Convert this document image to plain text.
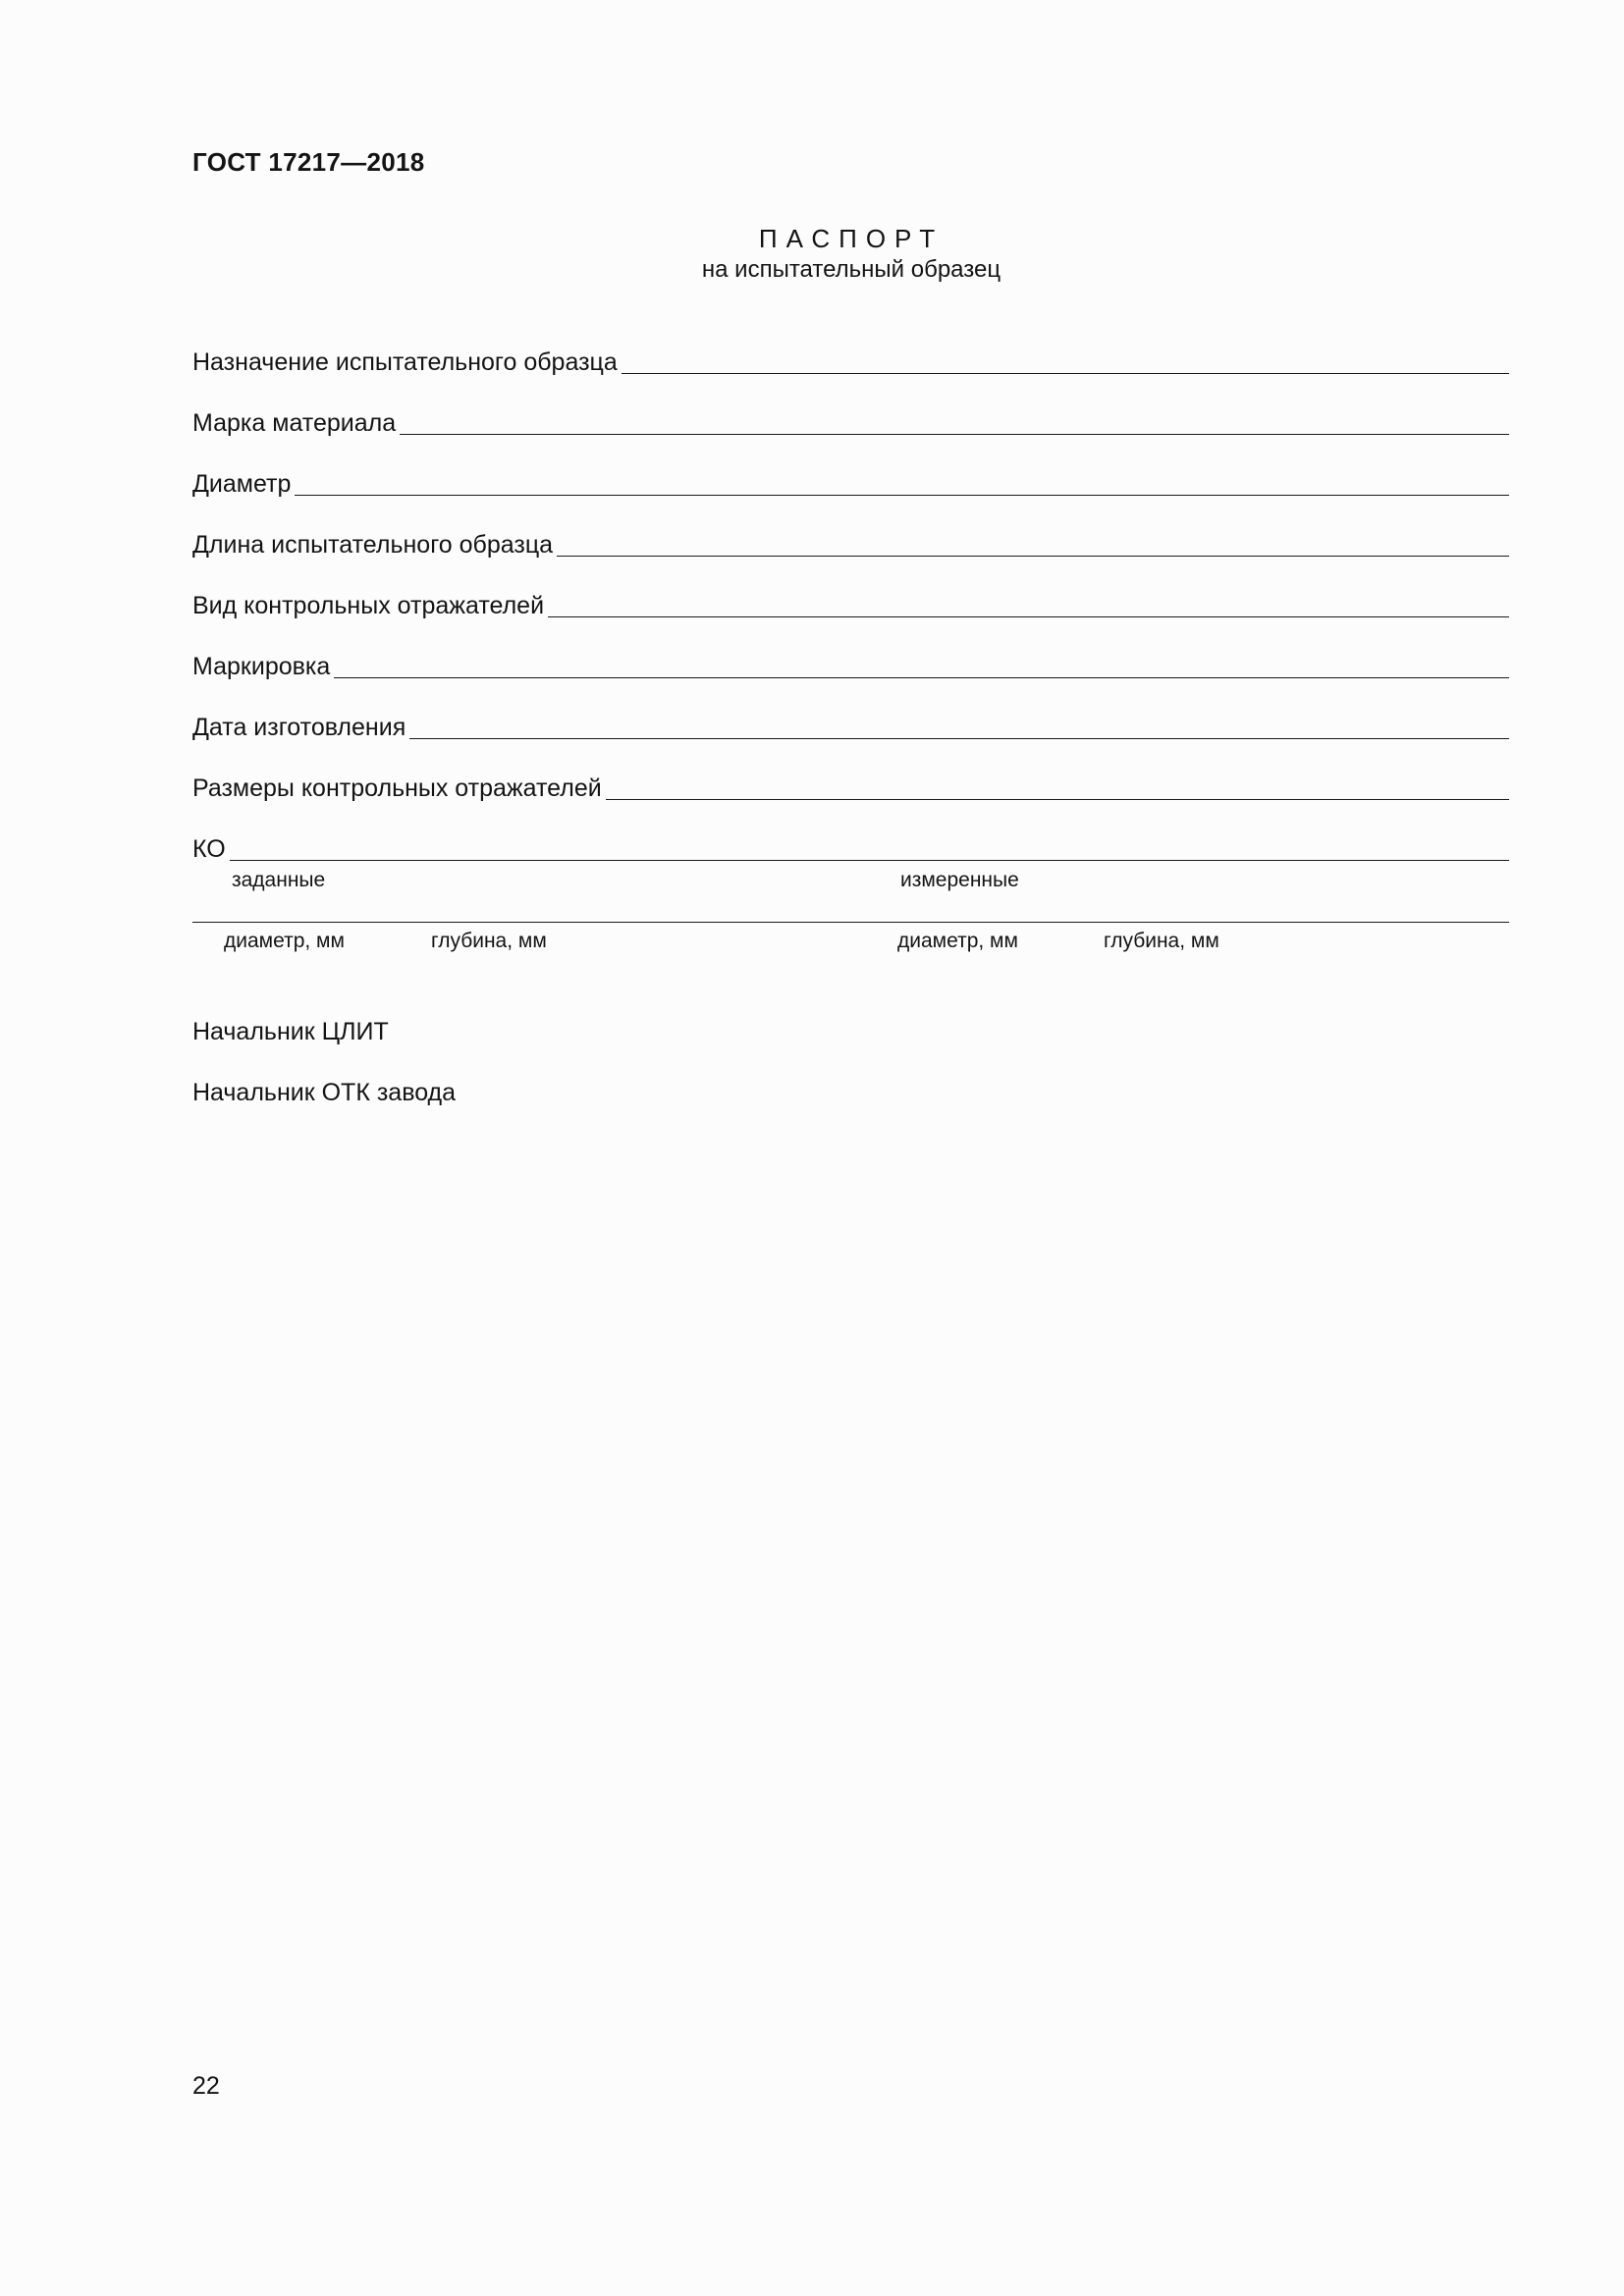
ГОСТ 17217—2018
ПАСПОРТ
на испытательный образец
Назначение испытательного образца
Марка материала
Диаметр
Длина испытательного образца
Вид контрольных отражателей
Маркировка
Дата изготовления
Размеры контрольных отражателей
КО
заданные	измеренные
диаметр, мм	глубина, мм	диаметр, мм	глубина, мм
Начальник ЦЛИТ
Начальник ОТК завода
22
